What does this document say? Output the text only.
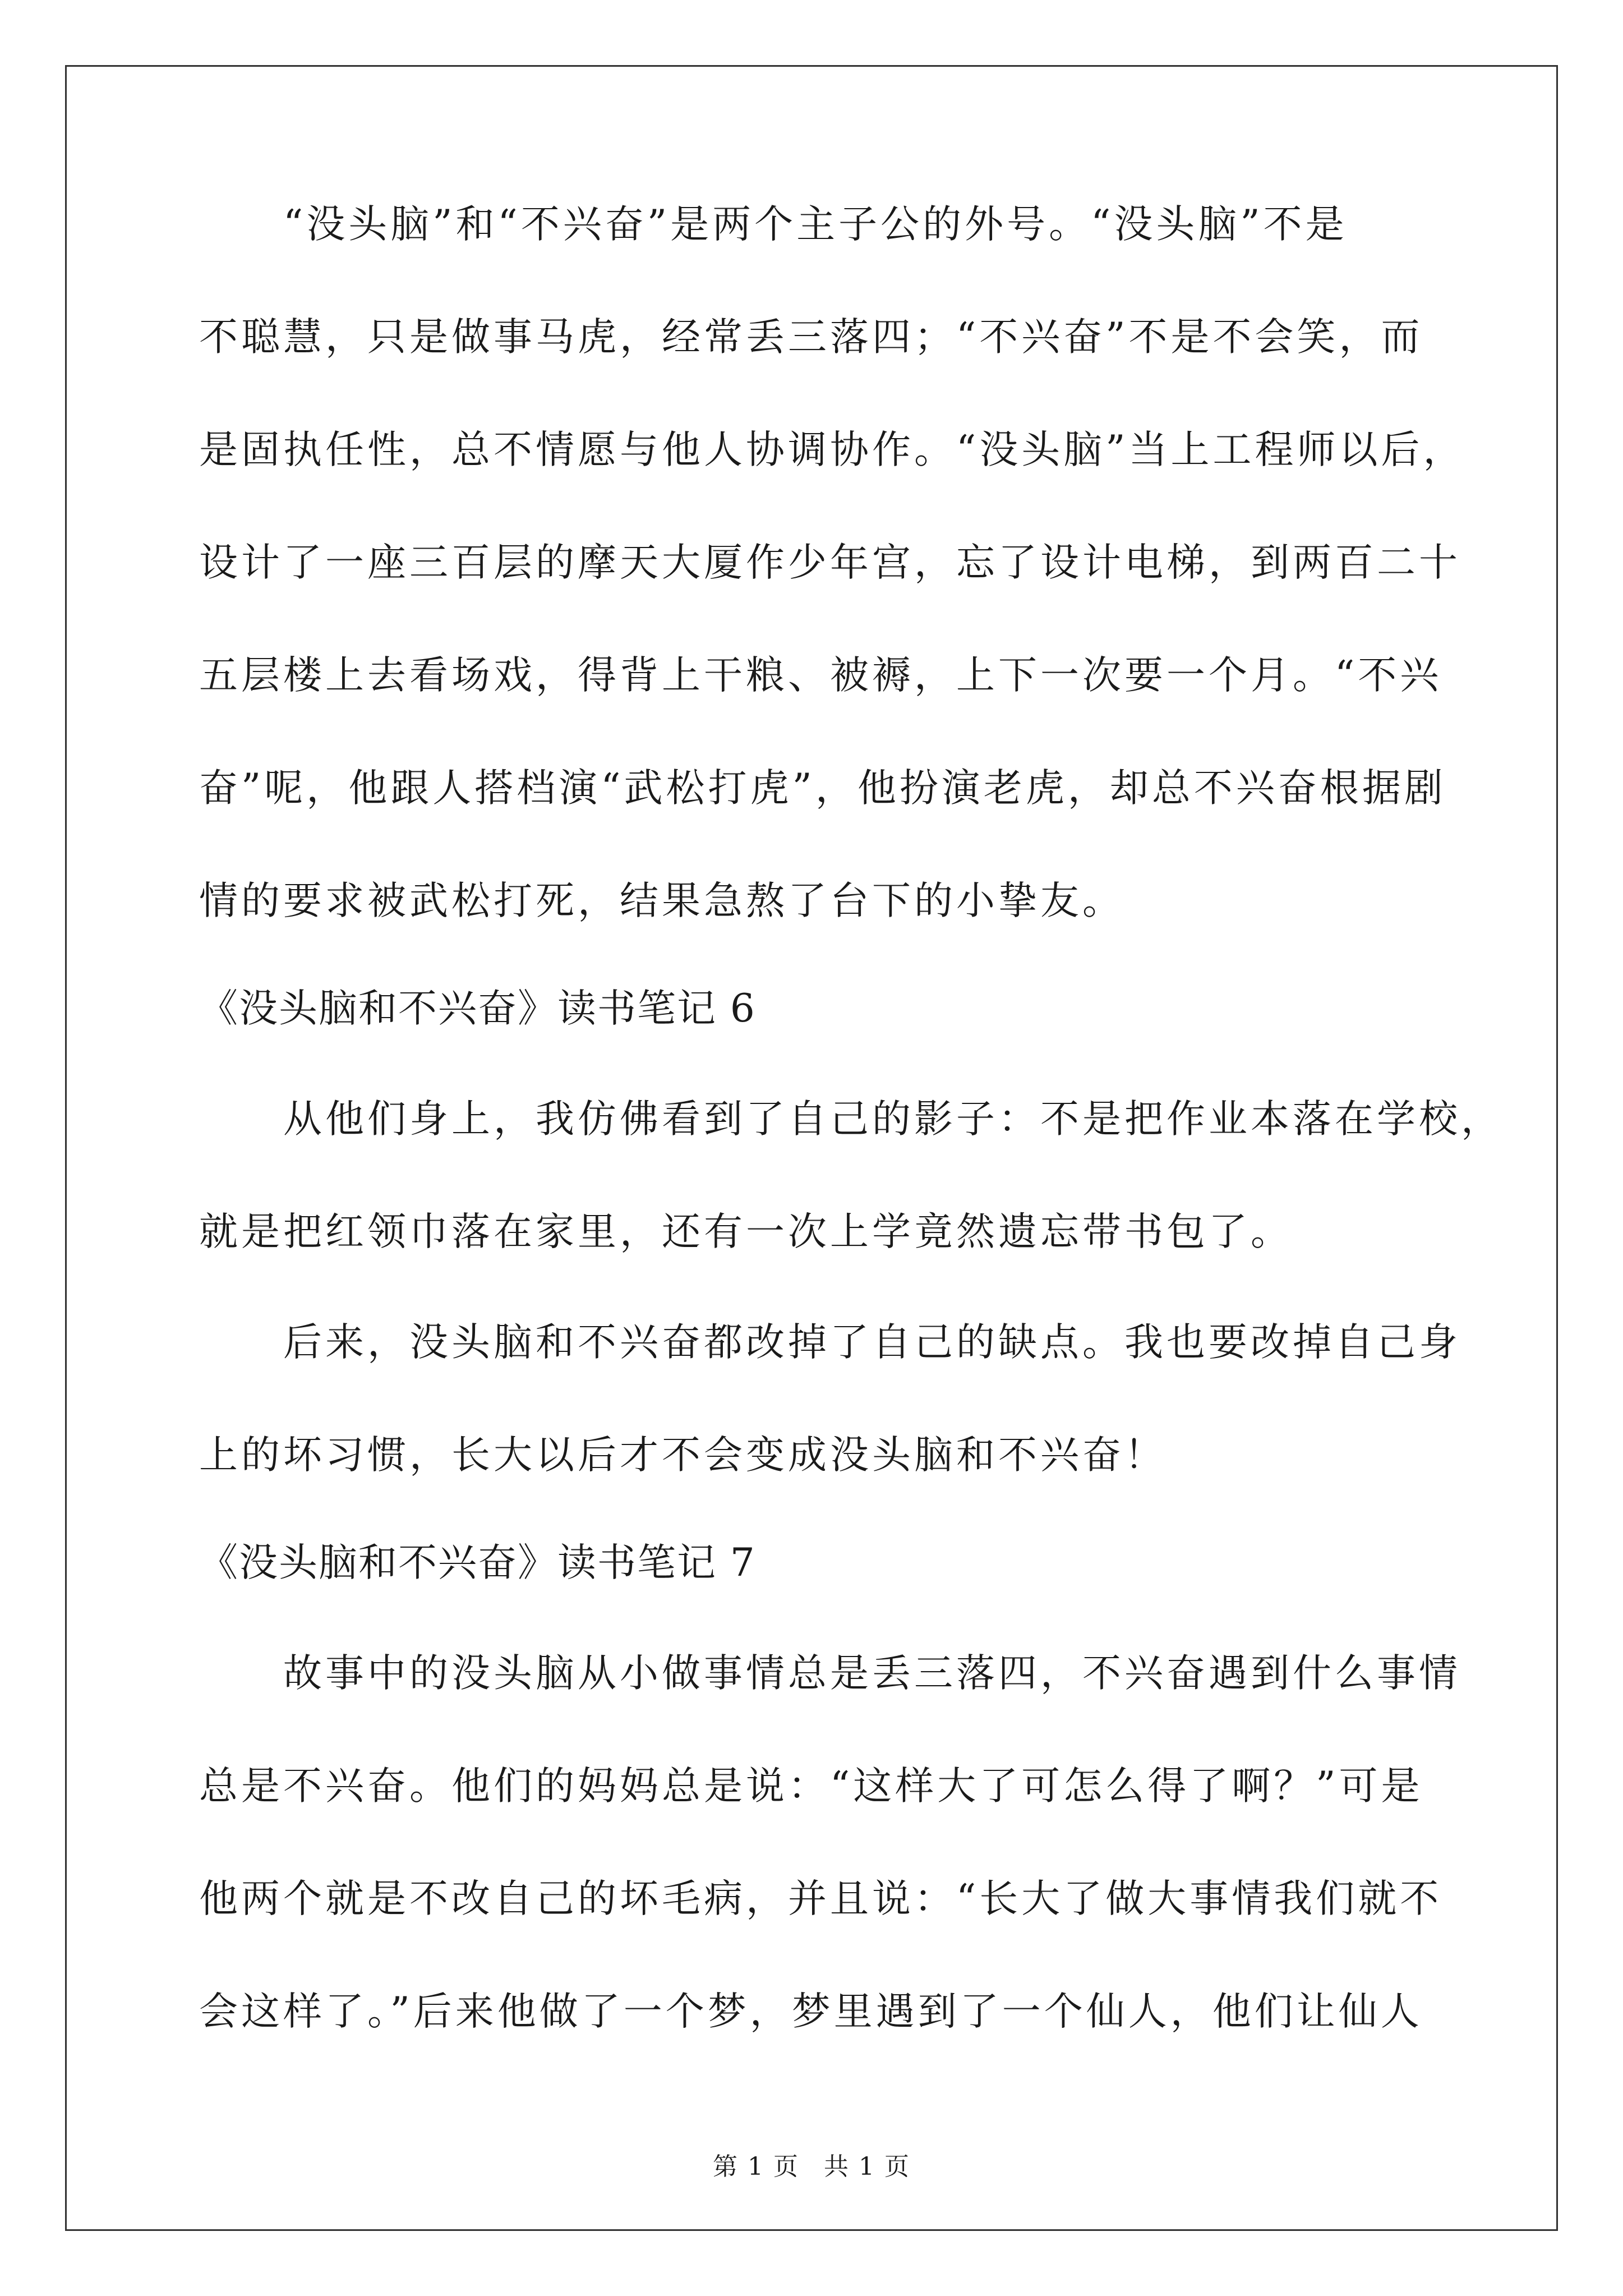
“没头脑”和“不兴奋”是两个主子公的外号。“没头脑”不是
不聪慧，只是做事马虎，经常丢三落四；“不兴奋”不是不会笑，而
是固执任性，总不情愿与他人协调协作。“没头脑”当上工程师以后，
设计了一座三百层的摩天大厦作少年宫，忘了设计电梯，到两百二十
五层楼上去看场戏，得背上干粮、被褥，上下一次要一个月。“不兴
奋”呢，他跟人搭档演“武松打虎”，他扮演老虎，却总不兴奋根据剧
情的要求被武松打死，结果急熬了台下的小挚友。
《没头脑和不兴奋》读书笔记 6
从他们身上，我仿佛看到了自己的影子：不是把作业本落在学校，
就是把红领巾落在家里，还有一次上学竟然遗忘带书包了。
后来，没头脑和不兴奋都改掉了自己的缺点。我也要改掉自己身
上的坏习惯，长大以后才不会变成没头脑和不兴奋！
《没头脑和不兴奋》读书笔记 7
故事中的没头脑从小做事情总是丢三落四，不兴奋遇到什么事情
总是不兴奋。他们的妈妈总是说：“这样大了可怎么得了啊？”可是
他两个就是不改自己的坏毛病，并且说：“长大了做大事情我们就不
会这样了。”后来他做了一个梦，梦里遇到了一个仙人，他们让仙人
第 1 页 共 1 页
